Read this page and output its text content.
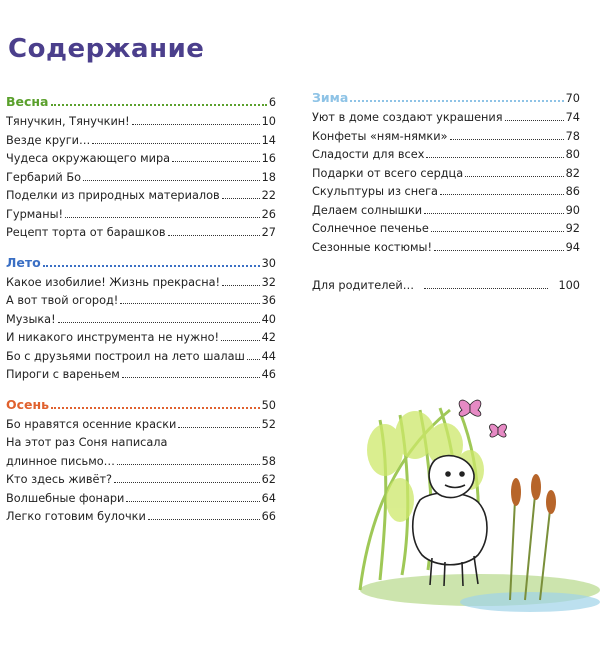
Содержание
Весна	6
Тянучкин, Тянучкин!	10
Везде круги…	14
Чудеса окружающего мира	16
Гербарий Бо	18
Поделки из природных материалов	22
Гурманы!	26
Рецепт торта от барашков	27
Лето	30
Какое изобилие! Жизнь прекрасна!	32
А вот твой огород!	36
Музыка!	40
И никакого инструмента не нужно!	42
Бо с друзьями построил на лето шалаш 44
Пироги с вареньем	46
Осень	50
Бо нравятся осенние краски	52
На этот раз Соня написала
длинное письмо…	58
Кто здесь живёт?	62
Волшебные фонари	64
Легко готовим булочки	66
Зима	70
Уют в доме создают украшения	74
Конфеты «ням-нямки»	78
Сладости для всех	80
Подарки от всего сердца	82
Скульптуры из снега	86
Делаем солнышки	90
Солнечное печенье	92
Сезонные костюмы!	94
Для родителей…	100
